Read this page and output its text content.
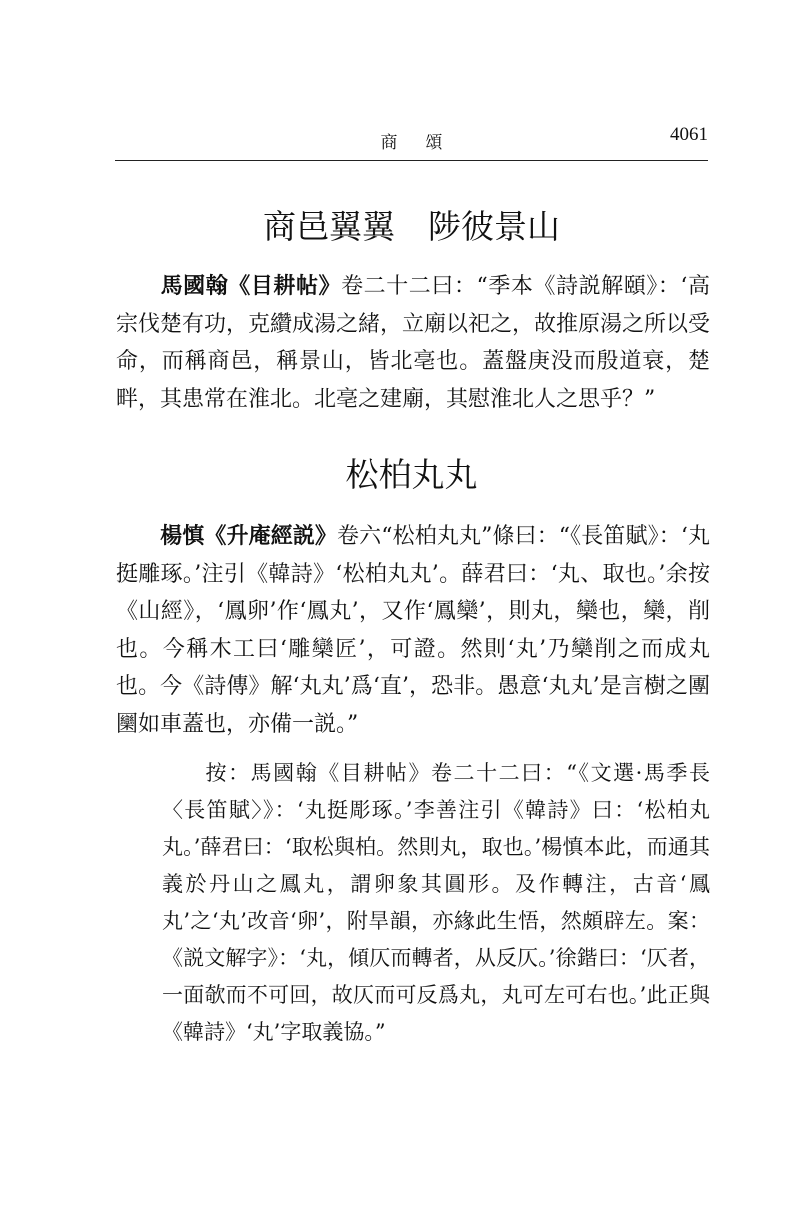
商頌	4061
商邑翼翼　陟彼景山

馬國翰《目耕帖》卷二十二曰：“季本《詩説解頤》：‘高宗伐楚有功，克纘成湯之緒，立廟以祀之，故推原湯之所以受命，而稱商邑，稱景山，皆北亳也。蓋盤庚没而殷道衰，楚畔，其患常在淮北。北亳之建廟，其慰淮北人之思乎？”

松柏丸丸

楊慎《升庵經説》卷六“松柏丸丸”條曰：“《長笛賦》：‘丸挺雕琢。’注引《韓詩》‘松柏丸丸’。薛君曰：‘丸、取也。’余按《山經》，‘鳳卵’作‘鳳丸’，又作‘鳳欒’，則丸，欒也，欒，削也。今稱木工曰‘雕欒匠’，可證。然則‘丸’乃欒削之而成丸也。今《詩傳》解‘丸丸’爲‘直’，恐非。愚意‘丸丸’是言樹之團圞如車蓋也，亦備一説。”

按：馬國翰《目耕帖》卷二十二曰：“《文選·馬季長〈長笛賦〉》：‘丸挺彫琢。’李善注引《韓詩》曰：‘松柏丸丸。’薛君曰：‘取松與柏。然則丸，取也。’楊慎本此，而通其義於丹山之鳳丸，謂卵象其圓形。及作轉注，古音‘鳳丸’之‘丸’改音‘卵’，附旱韻，亦緣此生悟，然頗辟左。案：《説文解字》：‘丸，傾仄而轉者，从反仄。’徐鍇曰：‘仄者，一面欹而不可回，故仄而可反爲丸，丸可左可右也。’此正與《韓詩》‘丸’字取義協。”
